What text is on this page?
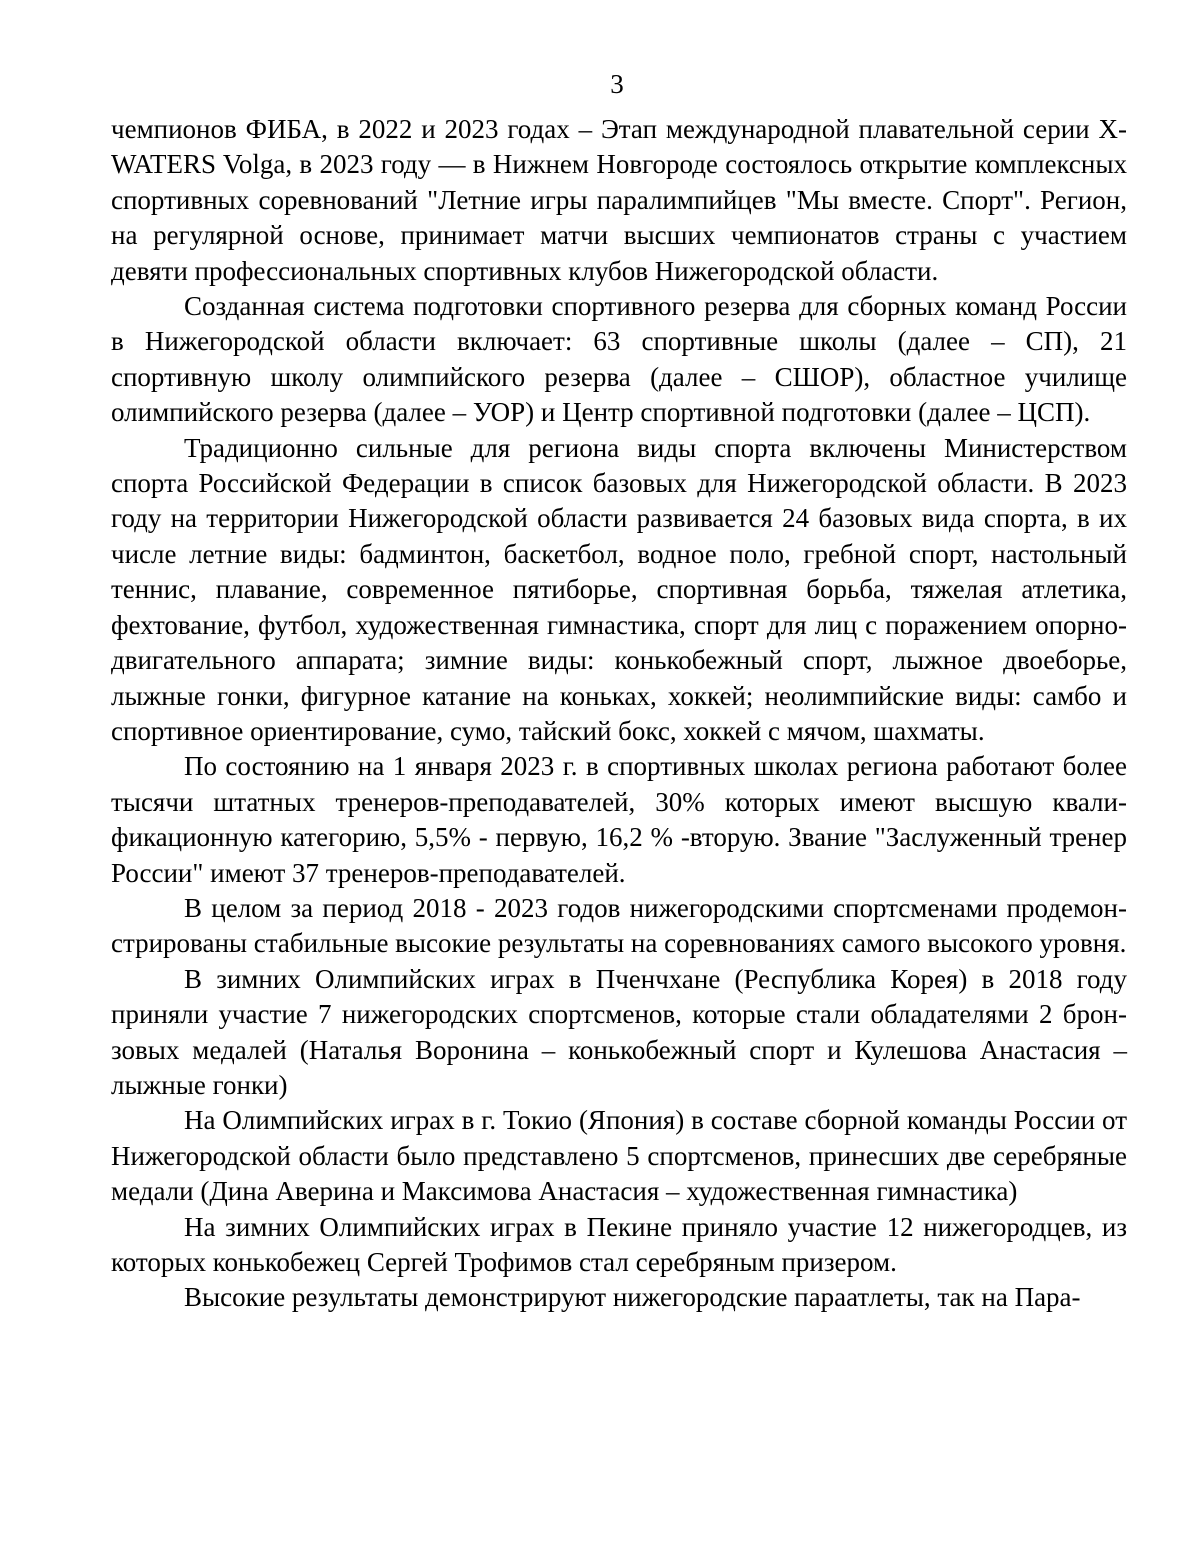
3

чемпионов ФИБА, в 2022 и 2023 годах – Этап международной плавательной серии X-WATERS Volga, в 2023 году — в Нижнем Новгороде состоялось открытие комплексных спортивных соревнований "Летние игры паралимпийцев "Мы вместе. Спорт". Регион, на регулярной основе, принимает матчи высших чемпионатов страны с участием девяти профессиональных спортивных клубов Нижегородской области.

Созданная система подготовки спортивного резерва для сборных команд России в Нижегородской области включает: 63 спортивные школы (далее – СП), 21 спортивную школу олимпийского резерва (далее – СШОР), областное училище олимпийского резерва (далее – УОР) и Центр спортивной подготовки (далее – ЦСП).

Традиционно сильные для региона виды спорта включены Министерством спорта Российской Федерации в список базовых для Нижегородской области. В 2023 году на территории Нижегородской области развивается 24 базовых вида спорта, в их числе летние виды: бадминтон, баскетбол, водное поло, гребной спорт, настольный теннис, плавание, современное пятиборье, спортивная борьба, тяжелая атлетика, фехтование, футбол, художественная гимнастика, спорт для лиц с поражением опорно-двигательного аппарата; зимние виды: конькобежный спорт, лыжное двоеборье, лыжные гонки, фигурное катание на коньках, хоккей; неолимпийские виды: самбо и спортивное ориентирование, сумо, тайский бокс, хоккей с мячом, шахматы.

По состоянию на 1 января 2023 г. в спортивных школах региона работают более тысячи штатных тренеров-преподавателей, 30% которых имеют высшую квалификационную категорию, 5,5% - первую, 16,2 % -вторую. Звание "Заслуженный тренер России" имеют 37 тренеров-преподавателей.

В целом за период 2018 - 2023 годов нижегородскими спортсменами продемонстрированы стабильные высокие результаты на соревнованиях самого высокого уровня.

В зимних Олимпийских играх в Пченчхане (Республика Корея) в 2018 году приняли участие 7 нижегородских спортсменов, которые стали обладателями 2 бронзовых медалей (Наталья Воронина – конькобежный спорт и Кулешова Анастасия – лыжные гонки)

На Олимпийских играх в г. Токио (Япония) в составе сборной команды России от Нижегородской области было представлено 5 спортсменов, принесших две серебряные медали (Дина Аверина и Максимова Анастасия – художественная гимнастика)

На зимних Олимпийских играх в Пекине приняло участие 12 нижегородцев, из которых конькобежец Сергей Трофимов стал серебряным призером.

Высокие результаты демонстрируют нижегородские параатлеты, так на Пара-
